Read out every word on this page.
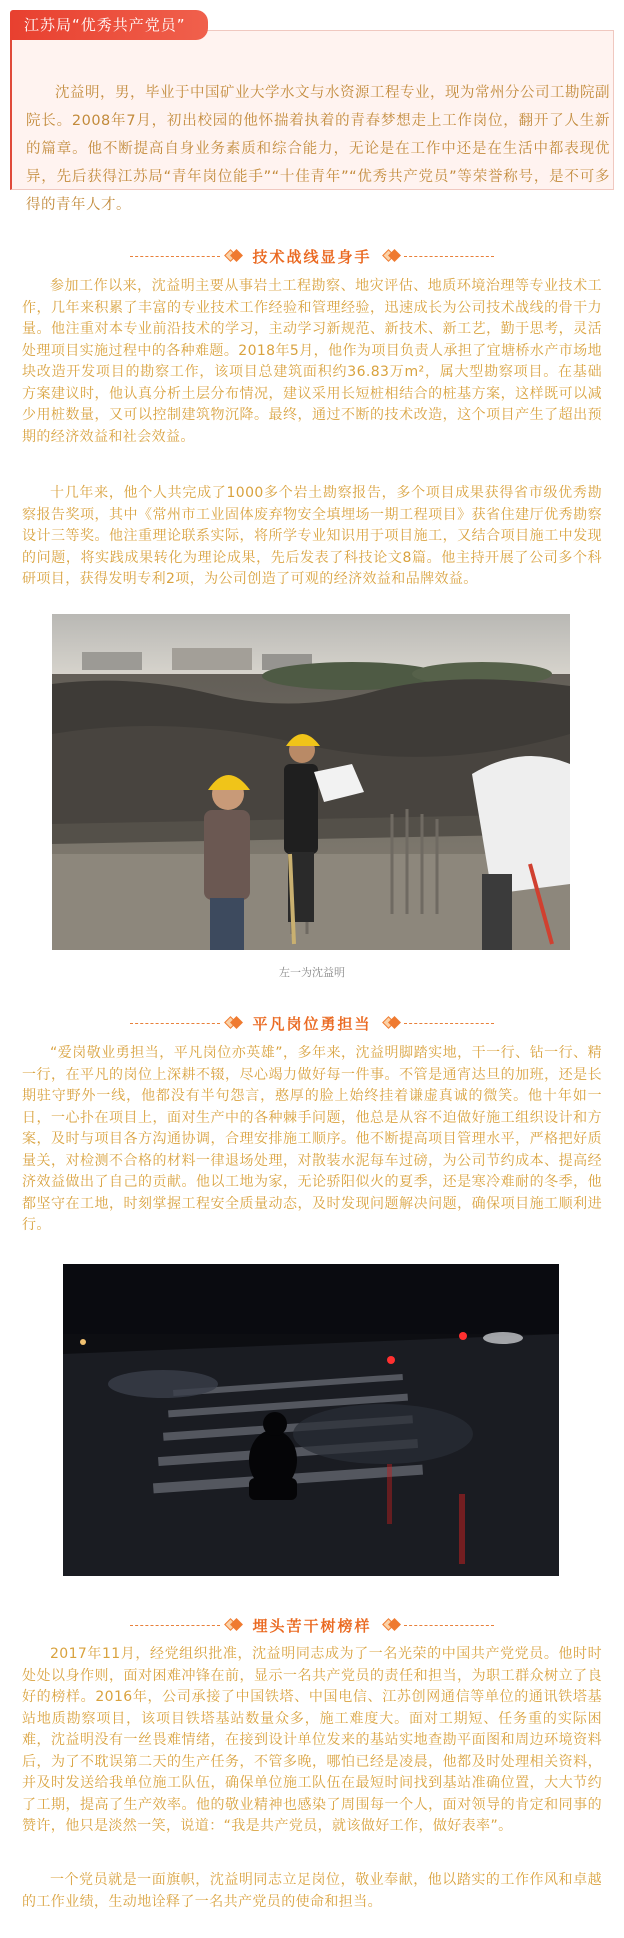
江苏局“优秀共产党员”

沈益明，男，毕业于中国矿业大学水文与水资源工程专业，现为常州分公司工勘院副院长。2008年7月，初出校园的他怀揣着执着的青春梦想走上工作岗位，翻开了人生新的篇章。他不断提高自身业务素质和综合能力，无论是在工作中还是在生活中都表现优异，先后获得江苏局“青年岗位能手”“十佳青年”“优秀共产党员”等荣誉称号，是不可多得的青年人才。

技术战线显身手

参加工作以来，沈益明主要从事岩土工程勘察、地灾评估、地质环境治理等专业技术工作，几年来积累了丰富的专业技术工作经验和管理经验，迅速成长为公司技术战线的骨干力量。他注重对本专业前沿技术的学习，主动学习新规范、新技术、新工艺，勤于思考，灵活处理项目实施过程中的各种难题。2018年5月，他作为项目负责人承担了宜塘桥水产市场地块改造开发项目的勘察工作，该项目总建筑面积约36.83万m²，属大型勘察项目。在基础方案建议时，他认真分析土层分布情况，建议采用长短桩相结合的桩基方案，这样既可以减少用桩数量，又可以控制建筑物沉降。最终，通过不断的技术改造，这个项目产生了超出预期的经济效益和社会效益。

十几年来，他个人共完成了1000多个岩土勘察报告，多个项目成果获得省市级优秀勘察报告奖项，其中《常州市工业固体废弃物安全填埋场一期工程项目》获省住建厅优秀勘察设计三等奖。他注重理论联系实际，将所学专业知识用于项目施工，又结合项目施工中发现的问题，将实践成果转化为理论成果，先后发表了科技论文8篇。他主持开展了公司多个科研项目，获得发明专利2项，为公司创造了可观的经济效益和品牌效益。

左一为沈益明
平凡岗位勇担当

“爱岗敬业勇担当，平凡岗位亦英雄”，多年来，沈益明脚踏实地，干一行、钻一行、精一行，在平凡的岗位上深耕不辍，尽心竭力做好每一件事。不管是通宵达旦的加班，还是长期驻守野外一线，他都没有半句怨言，憨厚的脸上始终挂着谦虚真诚的微笑。他十年如一日，一心扑在项目上，面对生产中的各种棘手问题，他总是从容不迫做好施工组织设计和方案，及时与项目各方沟通协调，合理安排施工顺序。他不断提高项目管理水平，严格把好质量关，对检测不合格的材料一律退场处理，对散装水泥每车过磅，为公司节约成本、提高经济效益做出了自己的贡献。他以工地为家，无论骄阳似火的夏季，还是寒冷难耐的冬季，他都坚守在工地，时刻掌握工程安全质量动态，及时发现问题解决问题，确保项目施工顺利进行。

埋头苦干树榜样

2017年11月，经党组织批准，沈益明同志成为了一名光荣的中国共产党党员。他时时处处以身作则，面对困难冲锋在前，显示一名共产党员的责任和担当，为职工群众树立了良好的榜样。2016年，公司承接了中国铁塔、中国电信、江苏创网通信等单位的通讯铁塔基站地质勘察项目，该项目铁塔基站数量众多，施工难度大。面对工期短、任务重的实际困难，沈益明没有一丝畏难情绪，在接到设计单位发来的基站实地查勘平面图和周边环境资料后，为了不耽误第二天的生产任务，不管多晚，哪怕已经是凌晨，他都及时处理相关资料，并及时发送给我单位施工队伍，确保单位施工队伍在最短时间找到基站准确位置，大大节约了工期，提高了生产效率。他的敬业精神也感染了周围每一个人，面对领导的肯定和同事的赞许，他只是淡然一笑，说道：“我是共产党员，就该做好工作，做好表率”。

一个党员就是一面旗帜，沈益明同志立足岗位，敬业奉献，他以踏实的工作作风和卓越的工作业绩，生动地诠释了一名共产党员的使命和担当。
